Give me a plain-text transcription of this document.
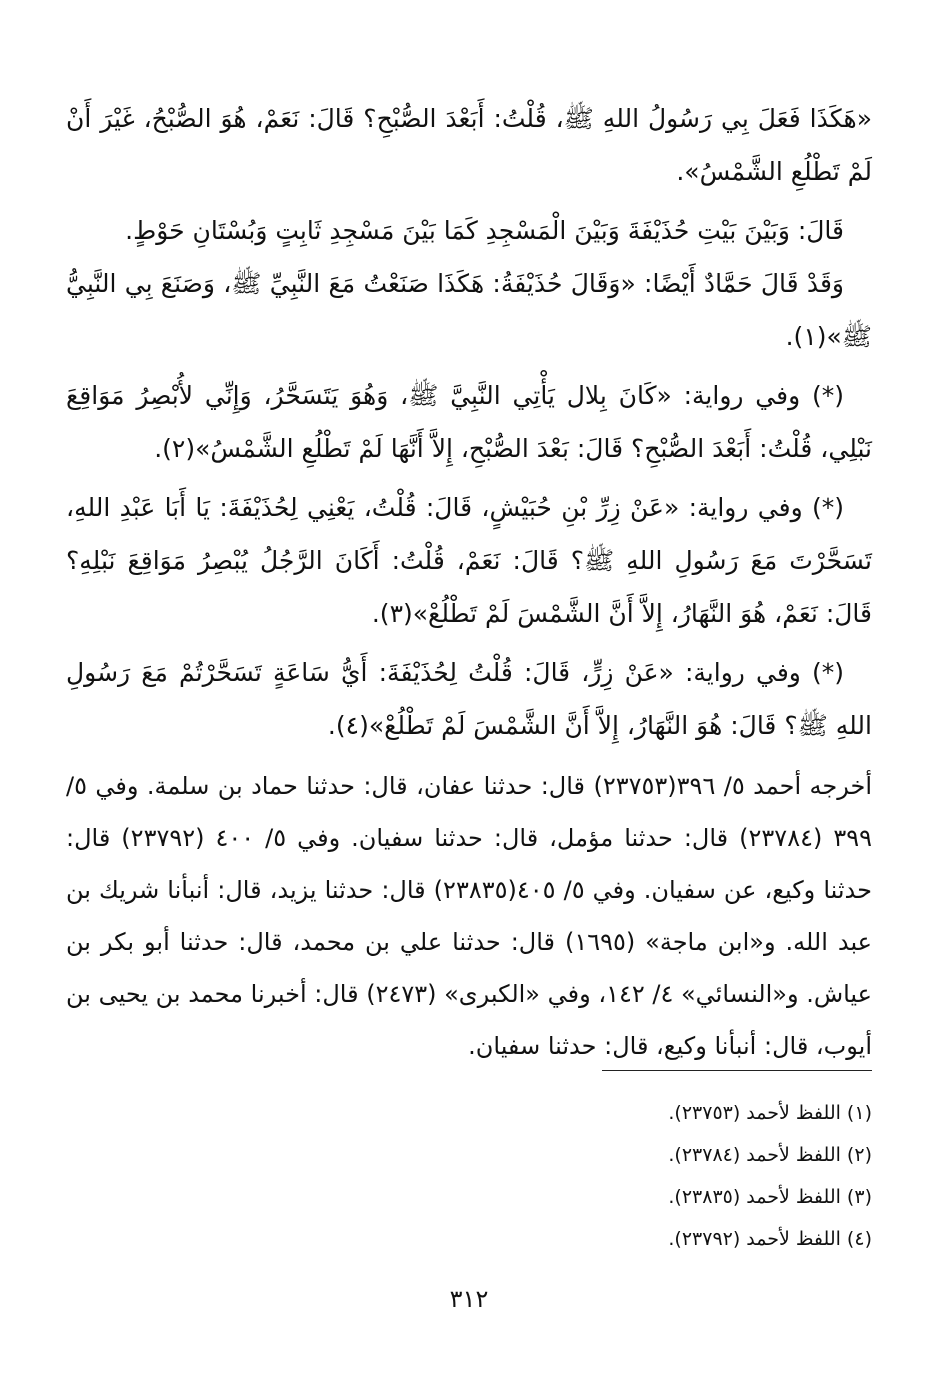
«هَكَذَا فَعَلَ بِي رَسُولُ اللهِ ﷺ، قُلْتُ: أَبَعْدَ الصُّبْحِ؟ قَالَ: نَعَمْ، هُوَ الصُّبْحُ، غَيْرَ أَنْ لَمْ تَطْلُعِ الشَّمْسُ».

قَالَ: وَبَيْنَ بَيْتِ حُذَيْفَةَ وَبَيْنَ الْمَسْجِدِ كَمَا بَيْنَ مَسْجِدِ ثَابِتٍ وَبُسْتَانِ حَوْطٍ.

وَقَدْ قَالَ حَمَّادٌ أَيْضًا: «وَقَالَ حُذَيْفَةُ: هَكَذَا صَنَعْتُ مَعَ النَّبِيِّ ﷺ، وَصَنَعَ بِي النَّبِيُّ ﷺ»(١).

(*) وفي رواية: «كَانَ بِلال يَأْتِي النَّبِيَّ ﷺ، وَهُوَ يَتَسَحَّرُ، وَإِنِّي لأُبْصِرُ مَوَاقِعَ نَبْلِي، قُلْتُ: أَبَعْدَ الصُّبْحِ؟ قَالَ: بَعْدَ الصُّبْحِ، إِلاَّ أَنَّهَا لَمْ تَطْلُعِ الشَّمْسُ»(٢).

(*) وفي رواية: «عَنْ زِرِّ بْنِ حُبَيْشٍ، قَالَ: قُلْتُ، يَعْنِي لِحُذَيْفَةَ: يَا أَبَا عَبْدِ اللهِ، تَسَحَّرْتَ مَعَ رَسُولِ اللهِ ﷺ؟ قَالَ: نَعَمْ، قُلْتُ: أَكَانَ الرَّجُلُ يُبْصِرُ مَوَاقِعَ نَبْلِهِ؟ قَالَ: نَعَمْ، هُوَ النَّهَارُ، إِلاَّ أَنَّ الشَّمْسَ لَمْ تَطْلُعْ»(٣).

(*) وفي رواية: «عَنْ زِرٍّ، قَالَ: قُلْتُ لِحُذَيْفَةَ: أَيُّ سَاعَةٍ تَسَحَّرْتُمْ مَعَ رَسُولِ اللهِ ﷺ؟ قَالَ: هُوَ النَّهَارُ، إِلاَّ أَنَّ الشَّمْسَ لَمْ تَطْلُعْ»(٤).

أخرجه أحمد ٥/ ٣٩٦(٢٣٧٥٣) قال: حدثنا عفان، قال: حدثنا حماد بن سلمة. وفي ٥/ ٣٩٩ (٢٣٧٨٤) قال: حدثنا مؤمل، قال: حدثنا سفيان. وفي ٥/ ٤٠٠ (٢٣٧٩٢) قال: حدثنا وكيع، عن سفيان. وفي ٥/ ٤٠٥(٢٣٨٣٥) قال: حدثنا يزيد، قال: أنبأنا شريك بن عبد الله. و«ابن ماجة» (١٦٩٥) قال: حدثنا علي بن محمد، قال: حدثنا أبو بكر بن عياش. و«النسائي» ٤/ ١٤٢، وفي «الكبرى» (٢٤٧٣) قال: أخبرنا محمد بن يحيى بن أيوب، قال: أنبأنا وكيع، قال: حدثنا سفيان.

(١) اللفظ لأحمد (٢٣٧٥٣).

(٢) اللفظ لأحمد (٢٣٧٨٤).

(٣) اللفظ لأحمد (٢٣٨٣٥).

(٤) اللفظ لأحمد (٢٣٧٩٢).

٣١٢
